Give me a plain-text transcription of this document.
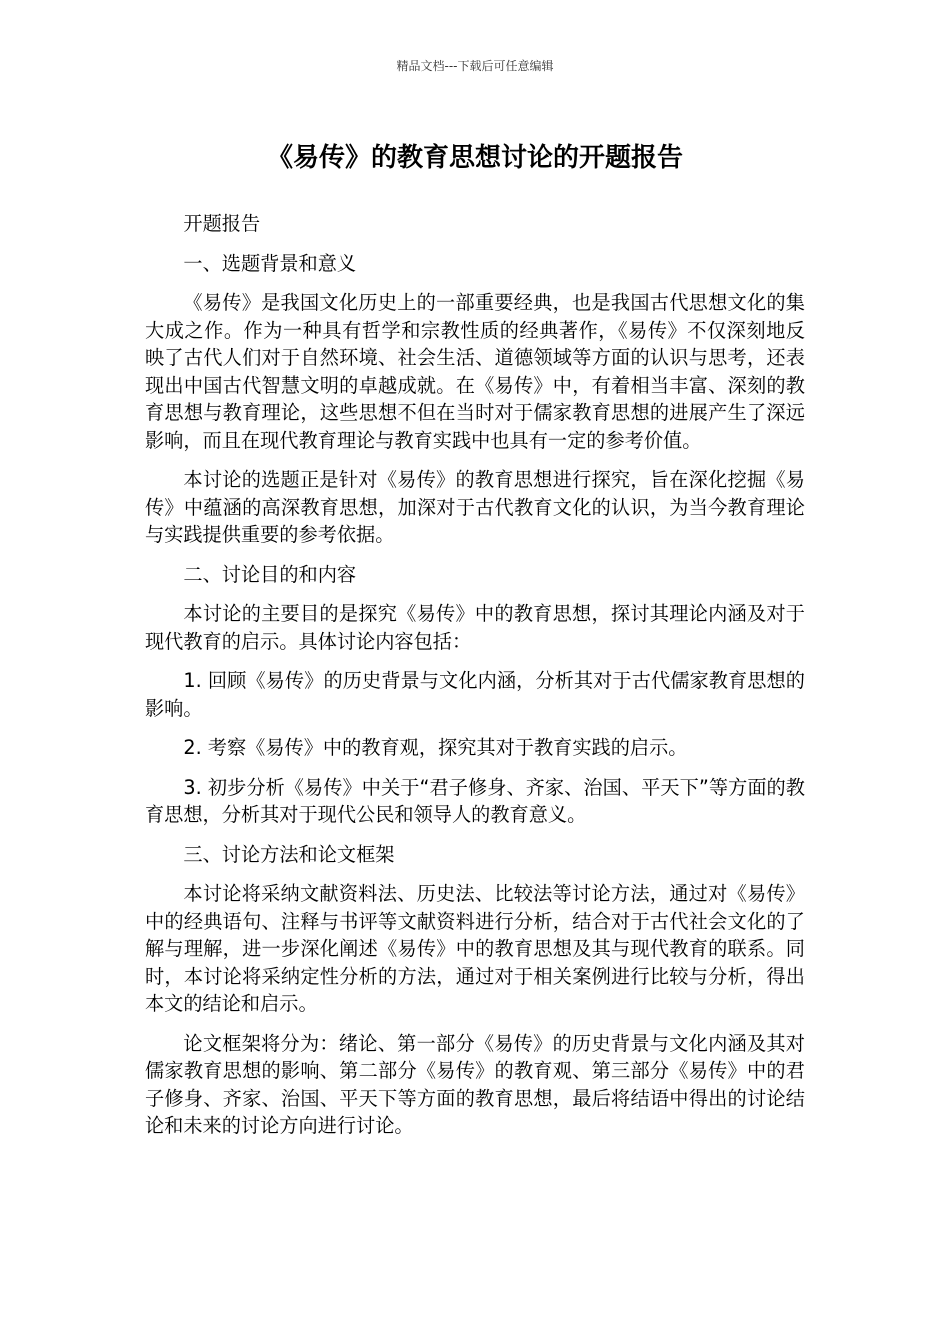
精品文档---下载后可任意编辑
《易传》的教育思想讨论的开题报告

开题报告

一、选题背景和意义

《易传》是我国文化历史上的一部重要经典，也是我国古代思想文化的集大成之作。作为一种具有哲学和宗教性质的经典著作，《易传》不仅深刻地反映了古代人们对于自然环境、社会生活、道德领域等方面的认识与思考，还表现出中国古代智慧文明的卓越成就。在《易传》中，有着相当丰富、深刻的教育思想与教育理论，这些思想不但在当时对于儒家教育思想的进展产生了深远影响，而且在现代教育理论与教育实践中也具有一定的参考价值。

本讨论的选题正是针对《易传》的教育思想进行探究，旨在深化挖掘《易传》中蕴涵的高深教育思想，加深对于古代教育文化的认识，为当今教育理论与实践提供重要的参考依据。

二、讨论目的和内容

本讨论的主要目的是探究《易传》中的教育思想，探讨其理论内涵及对于现代教育的启示。具体讨论内容包括：

1. 回顾《易传》的历史背景与文化内涵，分析其对于古代儒家教育思想的影响。

2. 考察《易传》中的教育观，探究其对于教育实践的启示。

3. 初步分析《易传》中关于“君子修身、齐家、治国、平天下”等方面的教育思想，分析其对于现代公民和领导人的教育意义。

三、讨论方法和论文框架

本讨论将采纳文献资料法、历史法、比较法等讨论方法，通过对《易传》中的经典语句、注释与书评等文献资料进行分析，结合对于古代社会文化的了解与理解，进一步深化阐述《易传》中的教育思想及其与现代教育的联系。同时，本讨论将采纳定性分析的方法，通过对于相关案例进行比较与分析，得出本文的结论和启示。

论文框架将分为：绪论、第一部分《易传》的历史背景与文化内涵及其对儒家教育思想的影响、第二部分《易传》的教育观、第三部分《易传》中的君子修身、齐家、治国、平天下等方面的教育思想，最后将结语中得出的讨论结论和未来的讨论方向进行讨论。
